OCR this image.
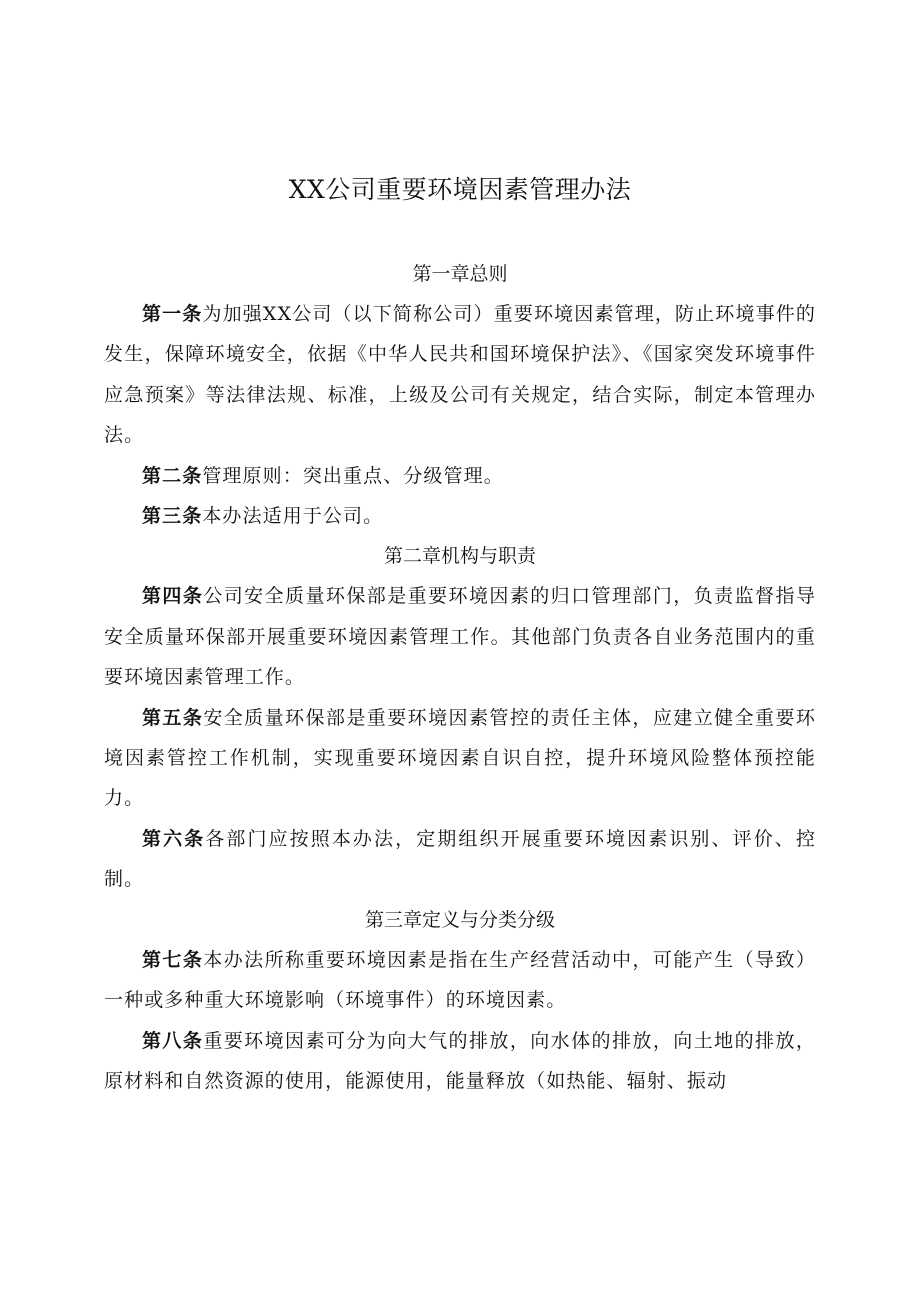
XX公司重要环境因素管理办法
第一章总则

第一条为加强XX公司（以下简称公司）重要环境因素管理，防止环境事件的发生，保障环境安全，依据《中华人民共和国环境保护法》、《国家突发环境事件应急预案》等法律法规、标准，上级及公司有关规定，结合实际，制定本管理办法。

第二条管理原则：突出重点、分级管理。

第三条本办法适用于公司。

第二章机构与职责

第四条公司安全质量环保部是重要环境因素的归口管理部门，负责监督指导安全质量环保部开展重要环境因素管理工作。其他部门负责各自业务范围内的重要环境因素管理工作。

第五条安全质量环保部是重要环境因素管控的责任主体，应建立健全重要环境因素管控工作机制，实现重要环境因素自识自控，提升环境风险整体预控能力。

第六条各部门应按照本办法，定期组织开展重要环境因素识别、评价、控制。

第三章定义与分类分级

第七条本办法所称重要环境因素是指在生产经营活动中，可能产生（导致）一种或多种重大环境影响（环境事件）的环境因素。

第八条重要环境因素可分为向大气的排放，向水体的排放，向土地的排放，原材料和自然资源的使用，能源使用，能量释放（如热能、辐射、振动
